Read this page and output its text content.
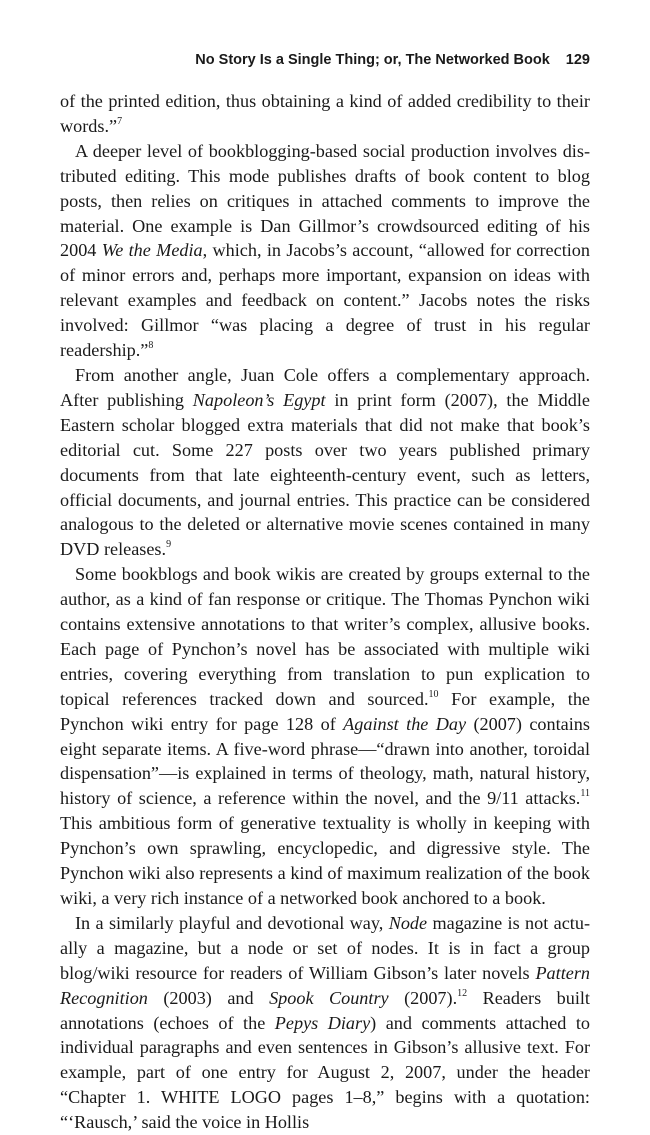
No Story Is a Single Thing; or, The Networked Book 129

of the printed edition, thus obtaining a kind of added credibility to their words.”$^7$

A deeper level of bookblogging-based social production involves distributed editing. This mode publishes drafts of book content to blog posts, then relies on critiques in attached comments to improve the material. One example is Dan Gillmor’s crowdsourced editing of his 2004 We the Media, which, in Jacobs’s account, “allowed for correction of minor errors and, perhaps more important, expansion on ideas with relevant examples and feedback on content.” Jacobs notes the risks involved: Gillmor “was placing a degree of trust in his regular readership.”$^8$

From another angle, Juan Cole offers a complementary approach. After publishing Napoleon’s Egypt in print form (2007), the Middle Eastern scholar blogged extra materials that did not make that book’s editorial cut. Some 227 posts over two years published primary documents from that late eighteenth-century event, such as letters, official documents, and journal entries. This practice can be considered analogous to the deleted or alternative movie scenes contained in many DVD releases.$^9$

Some bookblogs and book wikis are created by groups external to the author, as a kind of fan response or critique. The Thomas Pynchon wiki contains extensive annotations to that writer’s complex, allusive books. Each page of Pynchon’s novel has be associated with multiple wiki entries, covering everything from translation to pun explication to topical references tracked down and sourced.$^{10}$ For example, the Pynchon wiki entry for page 128 of Against the Day (2007) contains eight separate items. A five-word phrase—“drawn into another, toroidal dispensation”—is explained in terms of theology, math, natural history, history of science, a reference within the novel, and the 9/11 attacks.$^{11}$ This ambitious form of generative textuality is wholly in keeping with Pynchon’s own sprawling, encyclopedic, and digressive style. The Pynchon wiki also represents a kind of maximum realization of the book wiki, a very rich instance of a networked book anchored to a book.

In a similarly playful and devotional way, Node magazine is not actually a magazine, but a node or set of nodes. It is in fact a group blog/wiki resource for readers of William Gibson’s later novels Pattern Recognition (2003) and Spook Country (2007).$^{12}$ Readers built annotations (echoes of the Pepys Diary) and comments attached to individual paragraphs and even sentences in Gibson’s allusive text. For example, part of one entry for August 2, 2007, under the header “Chapter 1. WHITE LOGO pages 1–8,” begins with a quotation: “‘Rausch,’ said the voice in Hollis
